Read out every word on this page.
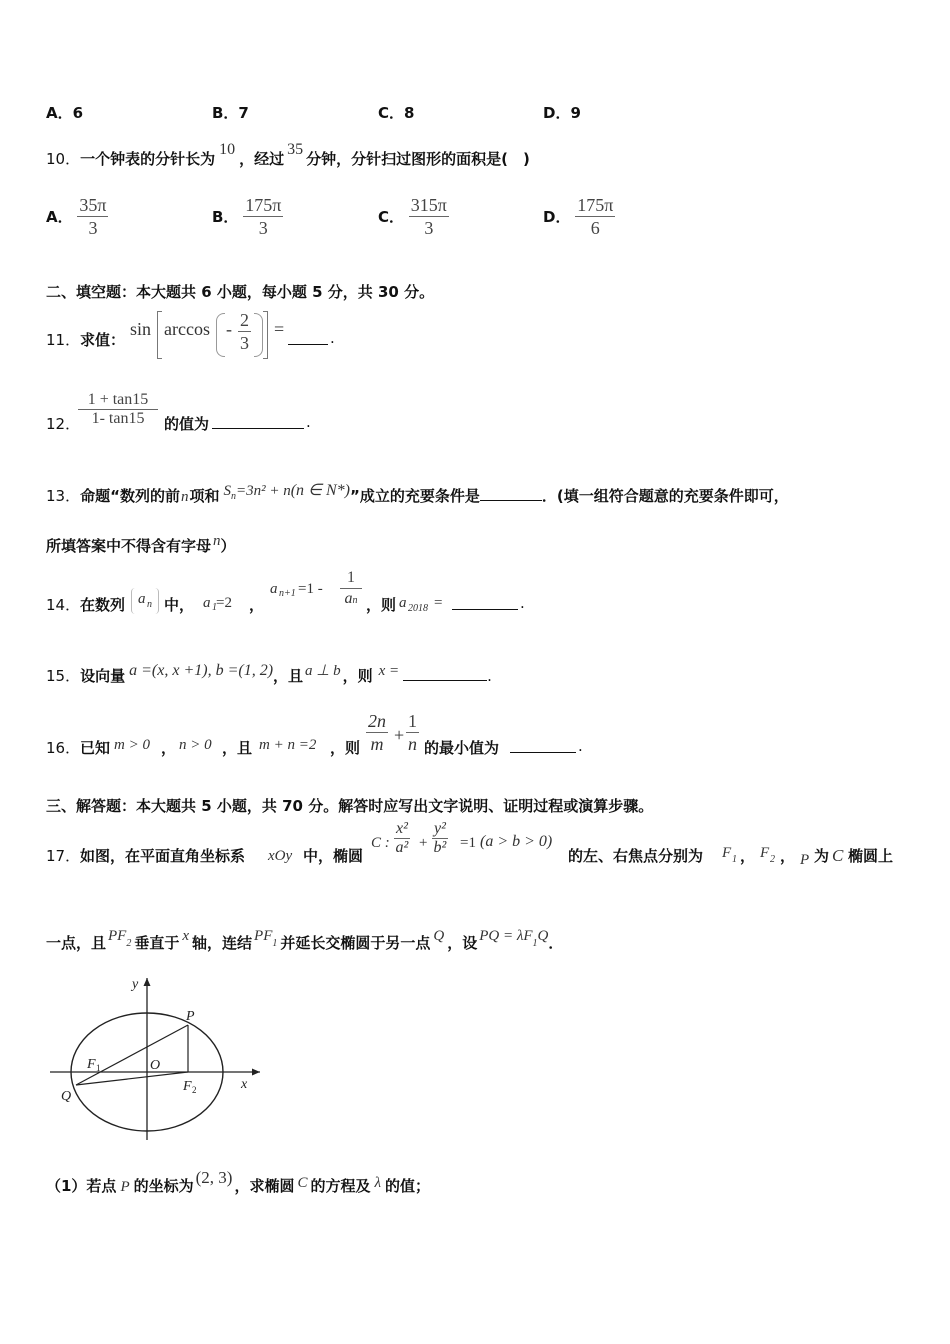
A．6	B．7	C．8	D．9
10．一个钟表的分针长为10，经过35分钟，分针扫过图形的面积是(　)
A． $\frac{35\pi}{3}$	B． $\frac{175\pi}{3}$	C． $\frac{315\pi}{3}$	D． $\frac{175\pi}{6}$
二、填空题：本大题共 6 小题，每小题 5 分，共 30 分。
11． 求值：
sin arccos - $\frac{2}{3}$ =	.
12．
$\frac{1 + \tan 15}{1- \tan 15}$ 的值为	.
13．命题“数列的前n项和 Sn=3n² + n(n ∈ N*)”成立的充要条件是	．(填一组符合题意的充要条件即可，
所填答案中不得含有字母 n）
14． 在数列 a n 中， a 1 =2 ，
a $n+1 =1 - \frac{1}{an}$ ，则 a 2018 =	.
15．设向量 a =(x, x +1), b =(1, 2)，且 a ⊥ b ，则 x =	.
16． 已知 m > 0 ， n > 0 ，且 m + n =2 ，则 $\frac{2n}{m} + \frac{1}{n}$ 的最小值为	.
三、解答题：本大题共 5 小题，共 70 分。解答时应写出文字说明、证明过程或演算步骤。
17． 如图，在平面直角坐标系 xOy 中，椭圆
C : $\frac{\text{x²}}{\text{a²}} + \frac{\text{y²}}{\text{b²}} =1$ (a > b > 0)
的左、右焦点分别为 F 1 ， F 2 ， P 为 C 椭圆上
一点，且 PF2 垂直于 x 轴，连结 PF1 并延长交椭圆于另一点 Q ，设 PQ = λF1Q．
y
x
P
O
F 1
F 2
Q
（1）若点 P 的坐标为 (2, 3) ，求椭圆 C 的方程及 λ 的值；
